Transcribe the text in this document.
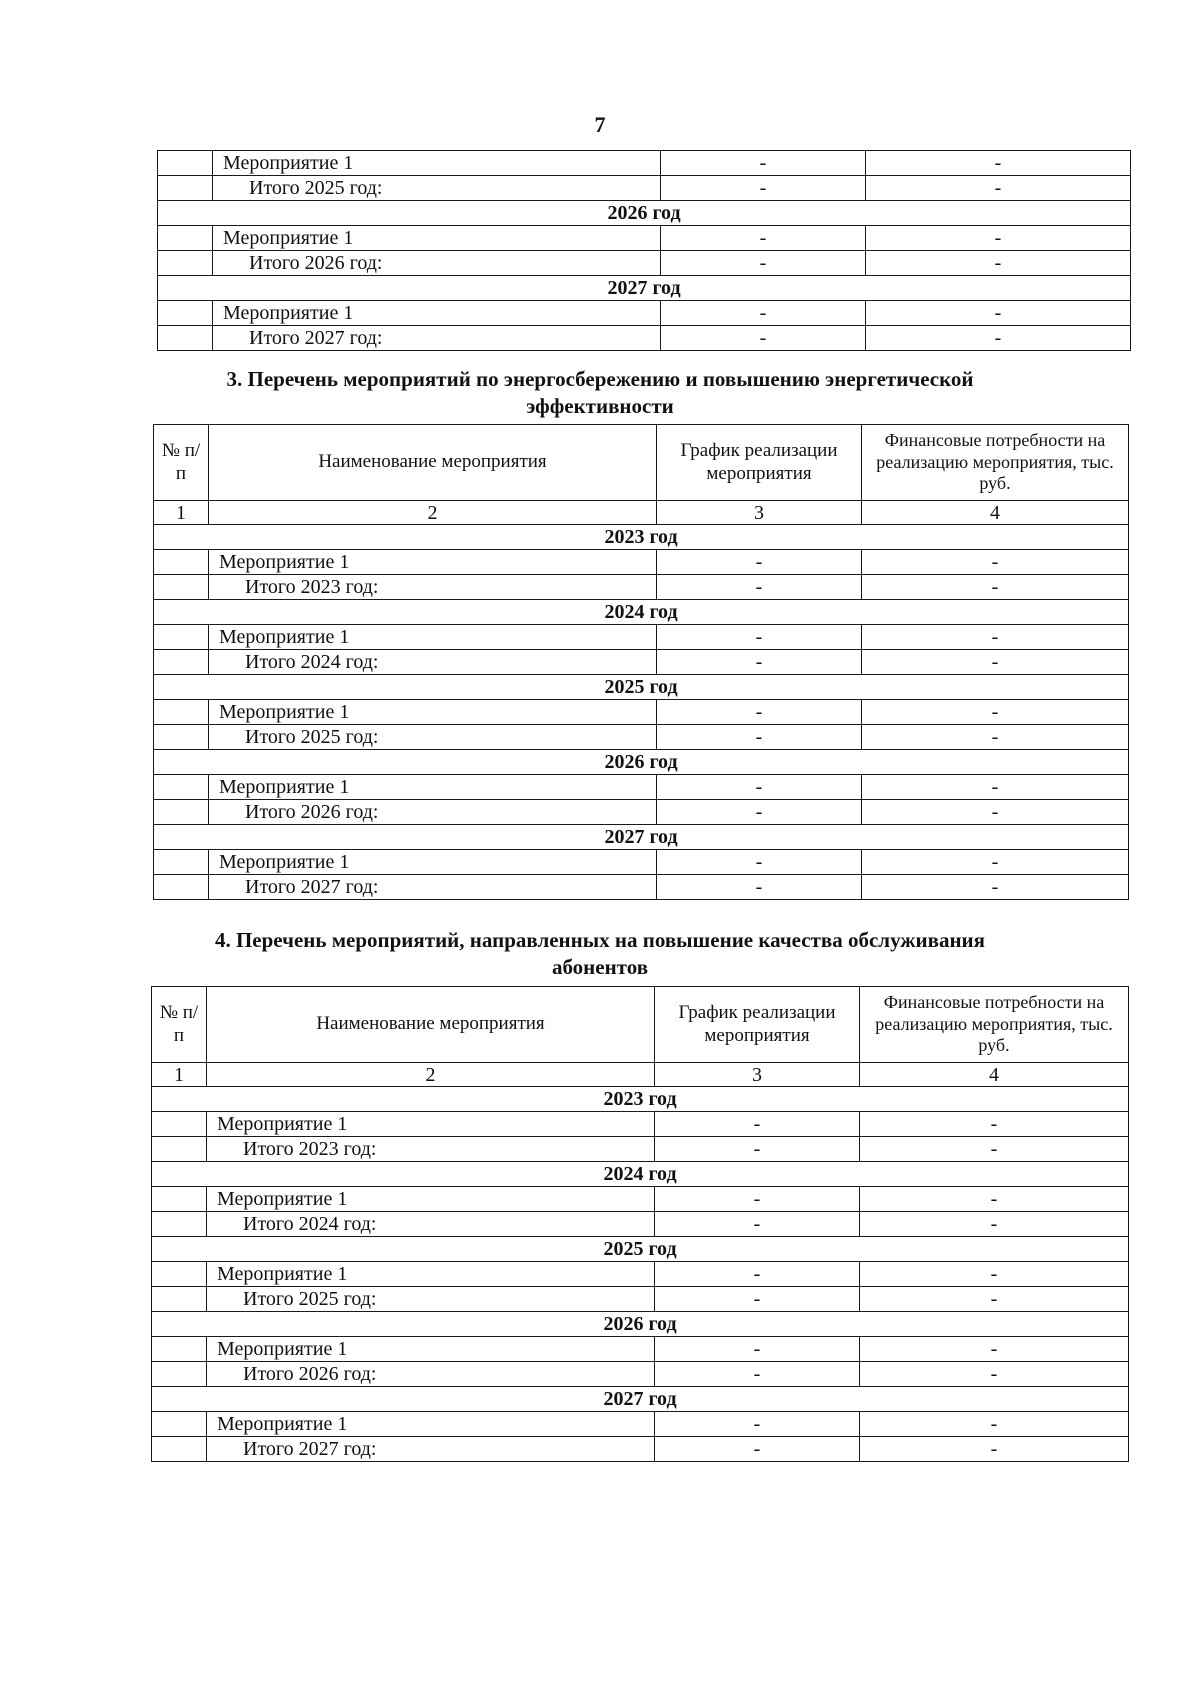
7
	Мероприятие 1	-	-
	Итого 2025 год:	-	-
2026 год			
	Мероприятие 1	-	-
	Итого 2026 год:	-	-
2027 год			
	Мероприятие 1	-	-
	Итого 2027 год:	-	-
3. Перечень мероприятий по энергосбережению и повышению энергетической
эффективности
№ п/п	Наименование мероприятия	График реализации мероприятия	Финансовые потребности на реализацию мероприятия, тыс. руб.
1	2	3	4
2023 год			
	Мероприятие 1	-	-
	Итого 2023 год:	-	-
2024 год			
	Мероприятие 1	-	-
	Итого 2024 год:	-	-
2025 год			
	Мероприятие 1	-	-
	Итого 2025 год:	-	-
2026 год			
	Мероприятие 1	-	-
	Итого 2026 год:	-	-
2027 год			
	Мероприятие 1	-	-
	Итого 2027 год:	-	-
4. Перечень мероприятий, направленных на повышение качества обслуживания
абонентов
№ п/п	Наименование мероприятия	График реализации мероприятия	Финансовые потребности на реализацию мероприятия, тыс. руб.
1	2	3	4
2023 год			
	Мероприятие 1	-	-
	Итого 2023 год:	-	-
2024 год			
	Мероприятие 1	-	-
	Итого 2024 год:	-	-
2025 год			
	Мероприятие 1	-	-
	Итого 2025 год:	-	-
2026 год			
	Мероприятие 1	-	-
	Итого 2026 год:	-	-
2027 год			
	Мероприятие 1	-	-
	Итого 2027 год:	-	-
